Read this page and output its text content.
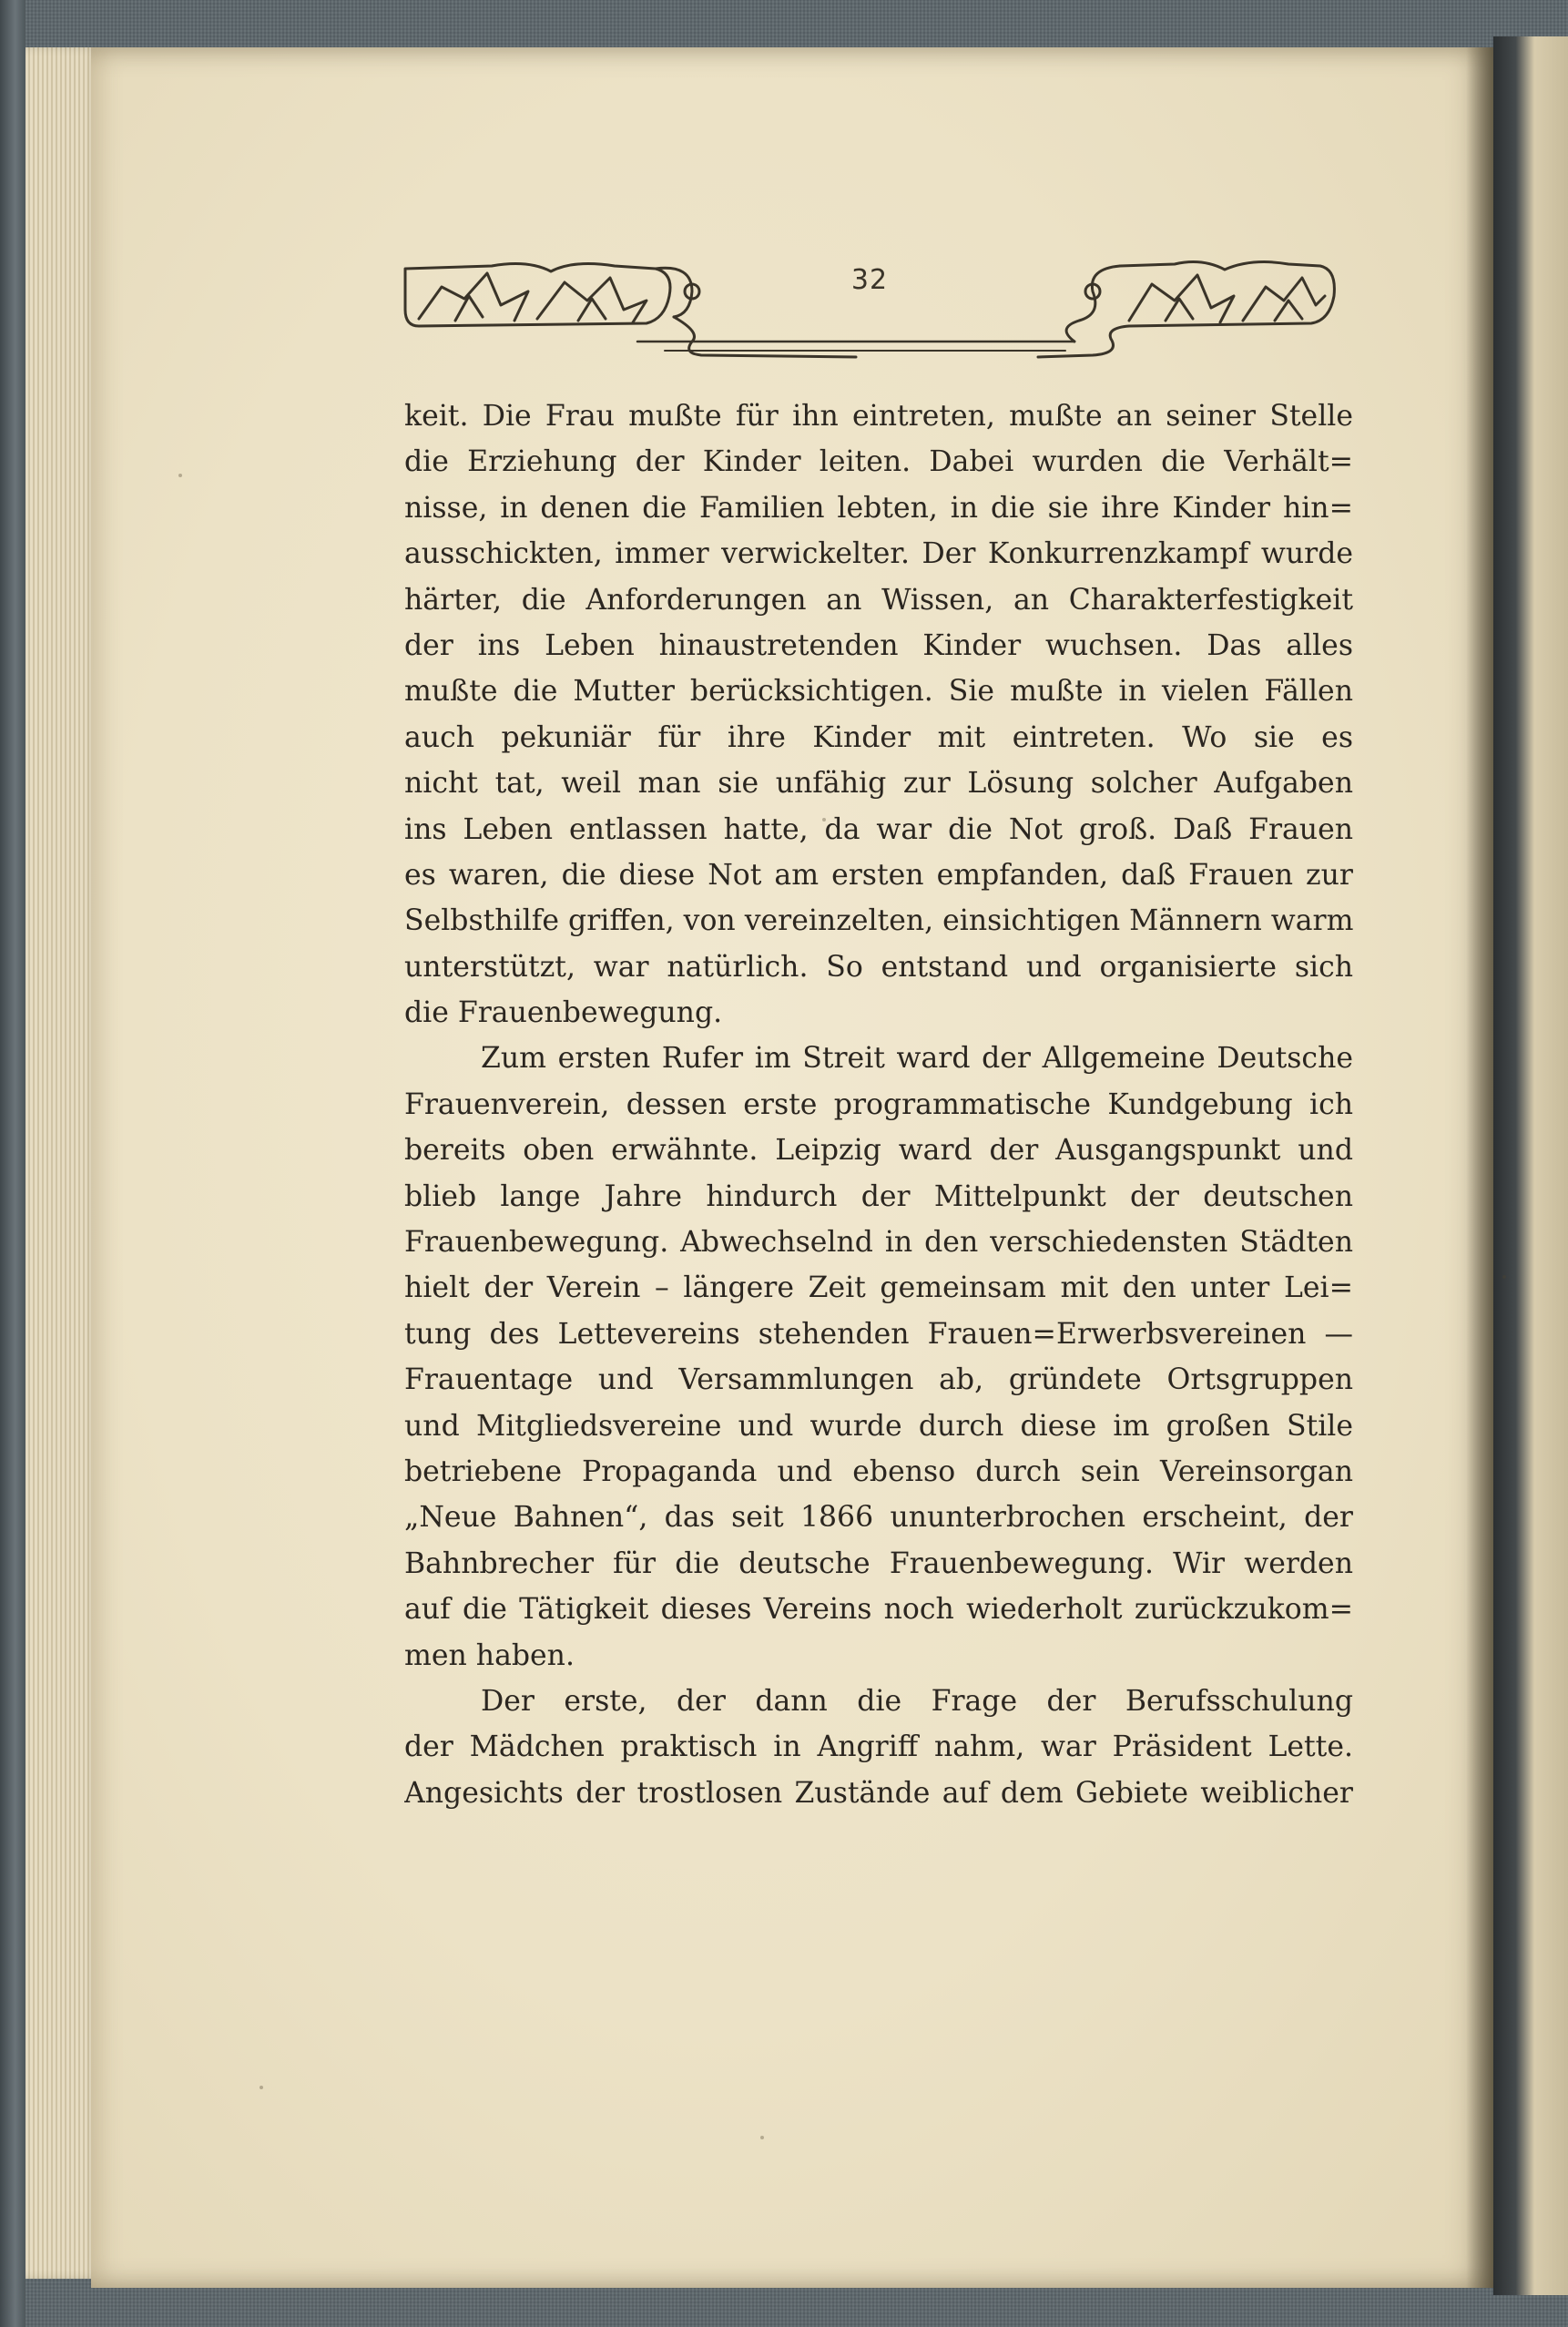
32
keit. Die Frau mußte für ihn eintreten, mußte an seiner Stelle
die Erziehung der Kinder leiten. Dabei wurden die Verhält=
nisse, in denen die Familien lebten, in die sie ihre Kinder hin=
ausschickten, immer verwickelter. Der Konkurrenzkampf wurde
härter, die Anforderungen an Wissen, an Charakterfestigkeit
der ins Leben hinaustretenden Kinder wuchsen. Das alles
mußte die Mutter berücksichtigen. Sie mußte in vielen Fällen
auch pekuniär für ihre Kinder mit eintreten. Wo sie es
nicht tat, weil man sie unfähig zur Lösung solcher Aufgaben
ins Leben entlassen hatte, da war die Not groß. Daß Frauen
es waren, die diese Not am ersten empfanden, daß Frauen zur
Selbsthilfe griffen, von vereinzelten, einsichtigen Männern warm
unterstützt, war natürlich. So entstand und organisierte sich
die Frauenbewegung.
Zum ersten Rufer im Streit ward der Allgemeine Deutsche
Frauenverein, dessen erste programmatische Kundgebung ich
bereits oben erwähnte. Leipzig ward der Ausgangspunkt und
blieb lange Jahre hindurch der Mittelpunkt der deutschen
Frauenbewegung. Abwechselnd in den verschiedensten Städten
hielt der Verein – längere Zeit gemeinsam mit den unter Lei=
tung des Lettevereins stehenden Frauen=Erwerbsvereinen —
Frauentage und Versammlungen ab, gründete Ortsgruppen
und Mitgliedsvereine und wurde durch diese im großen Stile
betriebene Propaganda und ebenso durch sein Vereinsorgan
„Neue Bahnen“, das seit 1866 ununterbrochen erscheint, der
Bahnbrecher für die deutsche Frauenbewegung. Wir werden
auf die Tätigkeit dieses Vereins noch wiederholt zurückzukom=
men haben.
Der erste, der dann die Frage der Berufsschulung
der Mädchen praktisch in Angriff nahm, war Präsident Lette.
Angesichts der trostlosen Zustände auf dem Gebiete weiblicher
